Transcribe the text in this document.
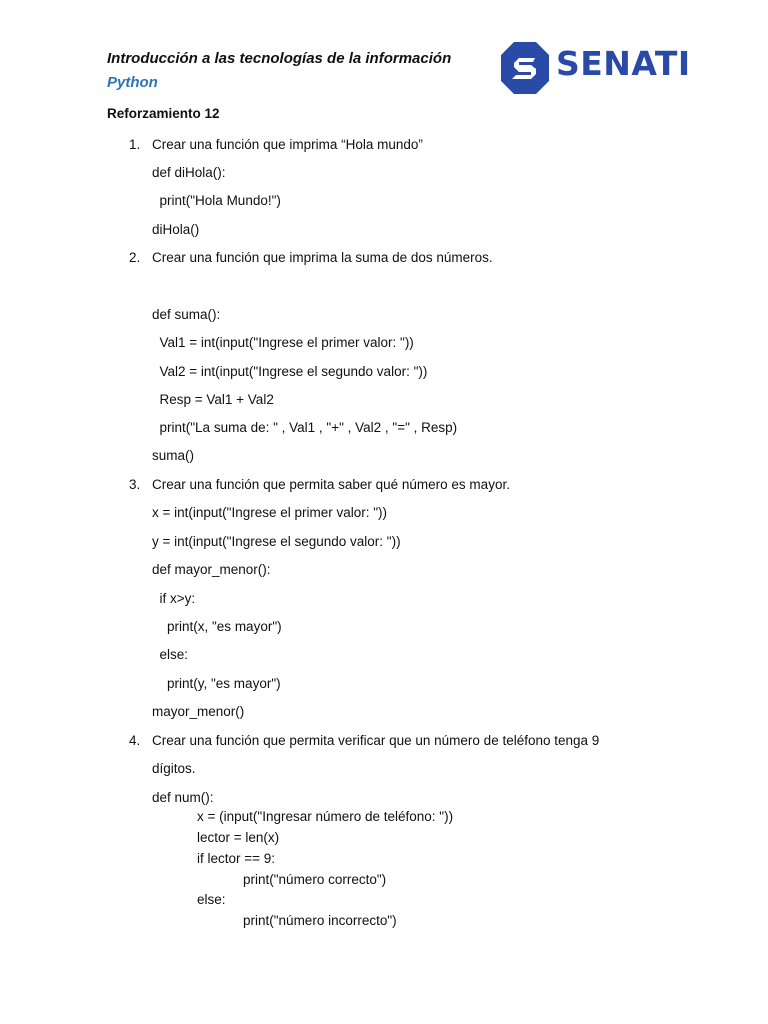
Introducción a las tecnologías de la información
Python	SENATI
Reforzamiento 12
1. Crear una función que imprima “Hola mundo”
def diHola():
print("Hola Mundo!")
diHola()
2. Crear una función que imprima la suma de dos números.
def suma():
Val1 = int(input("Ingrese el primer valor: "))
Val2 = int(input("Ingrese el segundo valor: "))
Resp = Val1 + Val2
print("La suma de: " , Val1 , "+" , Val2 , "=" , Resp)
suma()
3. Crear una función que permita saber qué número es mayor.
x = int(input("Ingrese el primer valor: "))
y = int(input("Ingrese el segundo valor: "))
def mayor_menor():
if x>y:
print(x, "es mayor")
else:
print(y, "es mayor")
mayor_menor()
4. Crear una función que permita verificar que un número de teléfono tenga 9
dígitos.
def num():
x = (input("Ingresar número de teléfono: "))
lector = len(x)
if lector == 9:
print("número correcto")
else:
print("número incorrecto")
